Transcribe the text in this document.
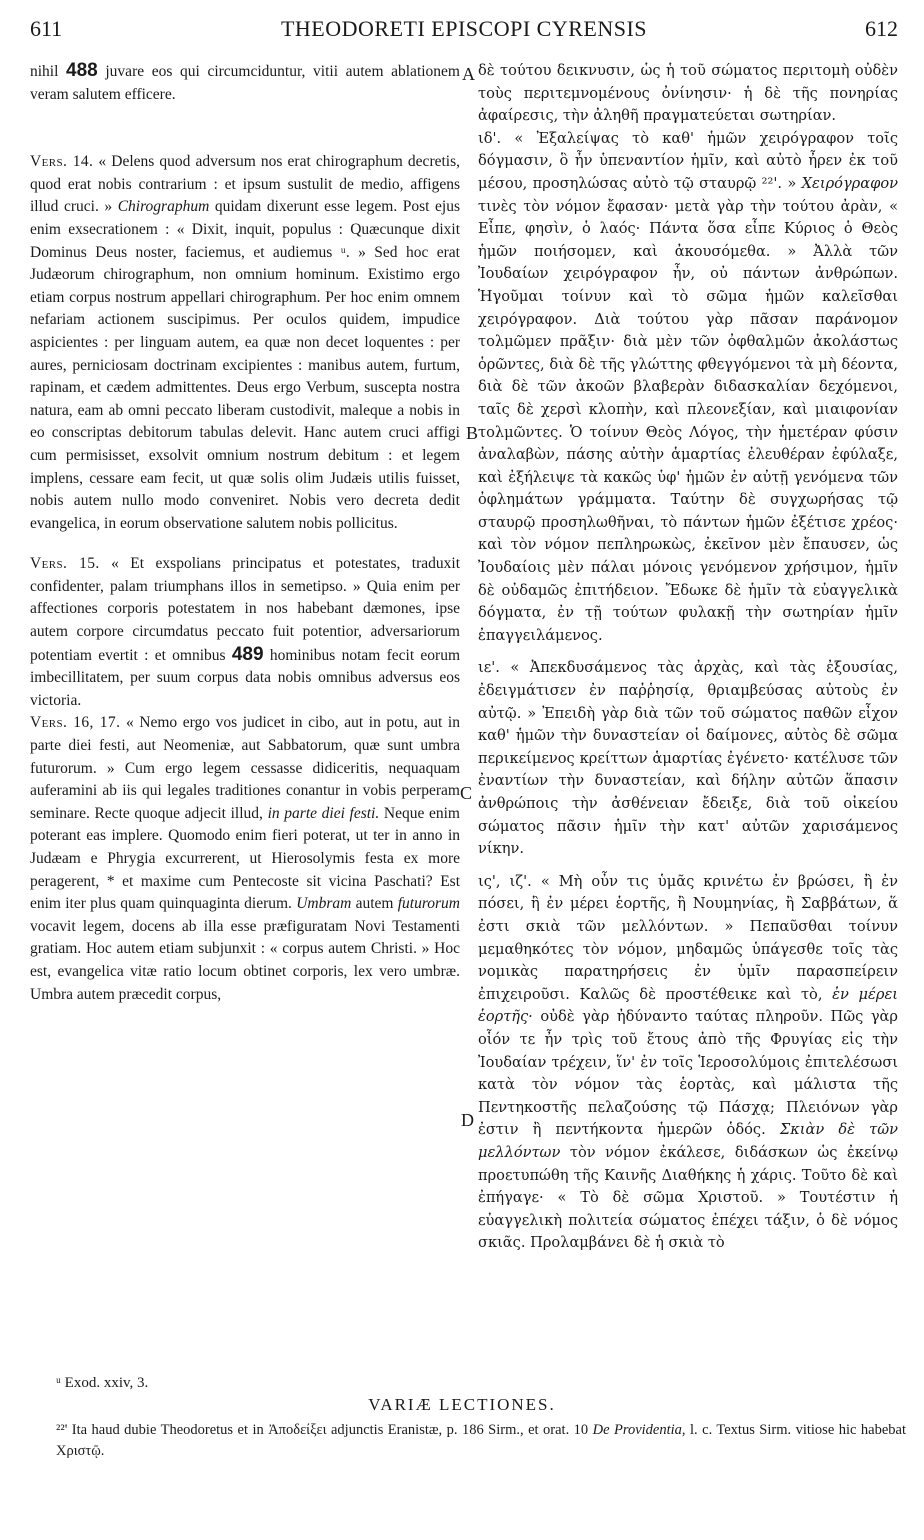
611	THEODORETI EPISCOPI CYRENSIS	612

nihil 488 juvare eos qui circumciduntur, vitii autem ablationem veram salutem efficere.

Vers. 14. « Delens quod adversum nos erat chirographum decretis, quod erat nobis contrarium : et ipsum sustulit de medio, affigens illud cruci. » Chirographum quidam dixerunt esse legem. Post ejus enim exsecrationem : « Dixit, inquit, populus : Quæcunque dixit Dominus Deus noster, faciemus, et audiemus ᵘ. » Sed hoc erat Judæorum chirographum, non omnium hominum. Existimo ergo etiam corpus nostrum appellari chirographum. Per hoc enim omnem nefariam actionem suscipimus. Per oculos quidem, impudice aspicientes : per linguam autem, ea quæ non decet loquentes : per aures, perniciosam doctrinam excipientes : manibus autem, furtum, rapinam, et cædem admittentes. Deus ergo Verbum, suscepta nostra natura, eam ab omni peccato liberam custodivit, maleque a nobis in eo conscriptas debitorum tabulas delevit. Hanc autem cruci affigi cum permisisset, exsolvit omnium nostrum debitum : et legem implens, cessare eam fecit, ut quæ solis olim Judæis utilis fuisset, nobis autem nullo modo conveniret. Nobis vero decreta dedit evangelica, in eorum observatione salutem nobis pollicitus.

Vers. 15. « Et exspolians principatus et potestates, traduxit confidenter, palam triumphans illos in semetipso. » Quia enim per affectiones corporis potestatem in nos habebant dæmones, ipse autem corpore circumdatus peccato fuit potentior, adversariorum potentiam evertit : et omnibus 489 hominibus notam fecit eorum imbecillitatem, per suum corpus data nobis omnibus adversus eos victoria.

Vers. 16, 17. « Nemo ergo vos judicet in cibo, aut in potu, aut in parte diei festi, aut Neomeniæ, aut Sabbatorum, quæ sunt umbra futurorum. » Cum ergo legem cessasse didiceritis, nequaquam auferamini ab iis qui legales traditiones conantur in vobis perperam seminare. Recte quoque adjecit illud, in parte diei festi. Neque enim poterant eas implere. Quomodo enim fieri poterat, ut ter in anno in Judæam e Phrygia excurrerent, ut Hierosolymis festa ex more peragerent, * et maxime cum Pentecoste sit vicina Paschati? Est enim iter plus quam quinquaginta dierum. Umbram autem futurorum vocavit legem, docens ab illa esse præfiguratam Novi Testamenti gratiam. Hoc autem etiam subjunxit : « corpus autem Christi. » Hoc est, evangelica vitæ ratio locum obtinet corporis, lex vero umbræ. Umbra autem præcedit corpus,

A
B
C
D

δὲ τούτου δεικνυσιν, ὡς ἡ τοῦ σώματος περιτομὴ οὐδὲν τοὺς περιτεμνομένους ὀνίνησιν· ἡ δὲ τῆς πονηρίας ἀφαίρεσις, τὴν ἀληθῆ πραγματεύεται σωτηρίαν.

ιδ'. « Ἐξαλείψας τὸ καθ' ἡμῶν χειρόγραφον τοῖς δόγμασιν, ὃ ἦν ὑπεναντίον ἡμῖν, καὶ αὐτὸ ἦρεν ἐκ τοῦ μέσου, προσηλώσας αὐτὸ τῷ σταυρῷ ²²'. » Χειρόγραφον τινὲς τὸν νόμον ἔφασαν· μετὰ γὰρ τὴν τούτου ἀρὰν, « Εἶπε, φησὶν, ὁ λαός· Πάντα ὅσα εἶπε Κύριος ὁ Θεὸς ἡμῶν ποιήσομεν, καὶ ἀκουσόμεθα. » Ἀλλὰ τῶν Ἰουδαίων χειρόγραφον ἦν, οὐ πάντων ἀνθρώπων. Ἡγοῦμαι τοίνυν καὶ τὸ σῶμα ἡμῶν καλεῖσθαι χειρόγραφον. Διὰ τούτου γὰρ πᾶσαν παράνομον τολμῶμεν πρᾶξιν· διὰ μὲν τῶν ὀφθαλμῶν ἀκολάστως ὁρῶντες, διὰ δὲ τῆς γλώττης φθεγγόμενοι τὰ μὴ δέοντα, διὰ δὲ τῶν ἀκοῶν βλαβερὰν διδασκαλίαν δεχόμενοι, ταῖς δὲ χερσὶ κλοπὴν, καὶ πλεονεξίαν, καὶ μιαιφονίαν τολμῶντες. Ὁ τοίνυν Θεὸς Λόγος, τὴν ἡμετέραν φύσιν ἀναλαβὼν, πάσης αὐτὴν ἁμαρτίας ἐλευθέραν ἐφύλαξε, καὶ ἐξήλειψε τὰ κακῶς ὑφ' ἡμῶν ἐν αὐτῇ γενόμενα τῶν ὀφλημάτων γράμματα. Ταύτην δὲ συγχωρήσας τῷ σταυρῷ προσηλωθῆναι, τὸ πάντων ἡμῶν ἐξέτισε χρέος· καὶ τὸν νόμον πεπληρωκὼς, ἐκεῖνον μὲν ἔπαυσεν, ὡς Ἰουδαίοις μὲν πάλαι μόνοις γενόμενον χρήσιμον, ἡμῖν δὲ οὐδαμῶς ἐπιτήδειον. Ἔδωκε δὲ ἡμῖν τὰ εὐαγγελικὰ δόγματα, ἐν τῇ τούτων φυλακῇ τὴν σωτηρίαν ἡμῖν ἐπαγγειλάμενος.

ιε'. « Ἀπεκδυσάμενος τὰς ἀρχὰς, καὶ τὰς ἐξουσίας, ἐδειγμάτισεν ἐν παῤῥησίᾳ, θριαμβεύσας αὐτοὺς ἐν αὐτῷ. » Ἐπειδὴ γὰρ διὰ τῶν τοῦ σώματος παθῶν εἶχον καθ' ἡμῶν τὴν δυναστείαν οἱ δαίμονες, αὐτὸς δὲ σῶμα περικείμενος κρείττων ἁμαρτίας ἐγένετο· κατέλυσε τῶν ἐναντίων τὴν δυναστείαν, καὶ δήλην αὐτῶν ἅπασιν ἀνθρώποις τὴν ἀσθένειαν ἔδειξε, διὰ τοῦ οἰκείου σώματος πᾶσιν ἡμῖν τὴν κατ' αὐτῶν χαρισάμενος νίκην.

ις', ιζ'. « Μὴ οὖν τις ὑμᾶς κρινέτω ἐν βρώσει, ἢ ἐν πόσει, ἢ ἐν μέρει ἑορτῆς, ἢ Νουμηνίας, ἢ Σαββάτων, ἅ ἐστι σκιὰ τῶν μελλόντων. » Πεπαῦσθαι τοίνυν μεμαθηκότες τὸν νόμον, μηδαμῶς ὑπάγεσθε τοῖς τὰς νομικὰς παρατηρήσεις ἐν ὑμῖν παρασπείρειν ἐπιχειροῦσι. Καλῶς δὲ προστέθεικε καὶ τὸ, ἐν μέρει ἑορτῆς· οὐδὲ γὰρ ἠδύναντο ταύτας πληροῦν. Πῶς γὰρ οἷόν τε ἦν τρὶς τοῦ ἔτους ἀπὸ τῆς Φρυγίας εἰς τὴν Ἰουδαίαν τρέχειν, ἵν' ἐν τοῖς Ἱεροσολύμοις ἐπιτελέσωσι κατὰ τὸν νόμον τὰς ἑορτὰς, καὶ μάλιστα τῆς Πεντηκοστῆς πελαζούσης τῷ Πάσχᾳ; Πλειόνων γὰρ ἐστιν ἢ πεντήκοντα ἡμερῶν ὁδός. Σκιὰν δὲ τῶν μελλόντων τὸν νόμον ἐκάλεσε, διδάσκων ὡς ἐκείνῳ προετυπώθη τῆς Καινῆς Διαθήκης ἡ χάρις. Τοῦτο δὲ καὶ ἐπήγαγε· « Τὸ δὲ σῶμα Χριστοῦ. » Τουτέστιν ἡ εὐαγγελικὴ πολιτεία σώματος ἐπέχει τάξιν, ὁ δὲ νόμος σκιᾶς. Προλαμβάνει δὲ ἡ σκιὰ τὸ

ᵘ Exod. xxiv, 3.
VARIÆ LECTIONES.
²²' Ita haud dubie Theodoretus et in Ἀποδείξει adjunctis Eranistæ, p. 186 Sirm., et orat. 10 De Providentia, l. c. Textus Sirm. vitiose hic habebat Χριστῷ.
